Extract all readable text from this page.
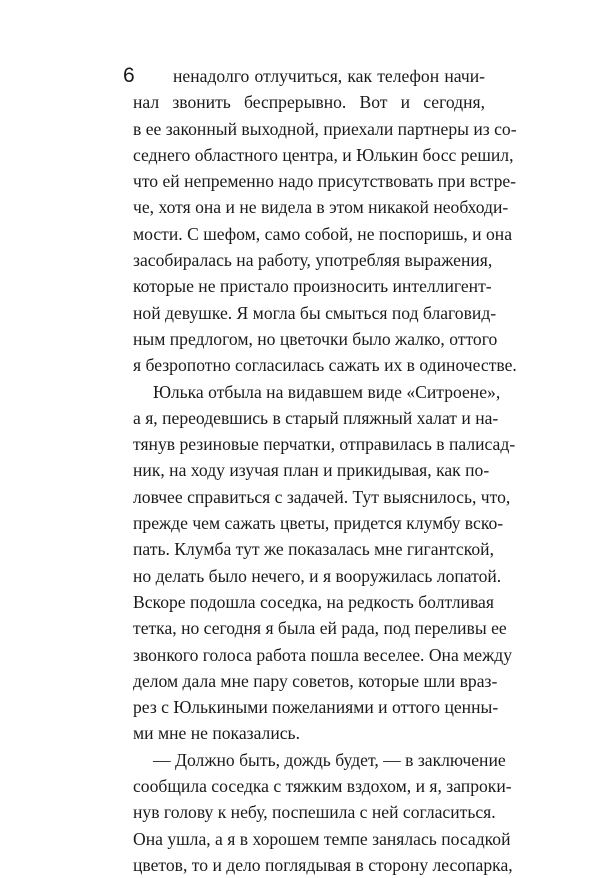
6	ненадолго отлучиться, как телефон начи-
нал звонить беспрерывно. Вот и сегодня,
в ее законный выходной, приехали партнеры из со-
седнего областного центра, и Юлькин босс решил,
что ей непременно надо присутствовать при встре-
че, хотя она и не видела в этом никакой необходи-
мости. С шефом, само собой, не поспоришь, и она
засобиралась на работу, употребляя выражения,
которые не пристало произносить интеллигент-
ной девушке. Я могла бы смыться под благовид-
ным предлогом, но цветочки было жалко, оттого
я безропотно согласилась сажать их в одиночестве.
Юлька отбыла на видавшем виде «Ситроене»,
а я, переодевшись в старый пляжный халат и на-
тянув резиновые перчатки, отправилась в палисад-
ник, на ходу изучая план и прикидывая, как по-
ловчее справиться с задачей. Тут выяснилось, что,
прежде чем сажать цветы, придется клумбу вско-
пать. Клумба тут же показалась мне гигантской,
но делать было нечего, и я вооружилась лопатой.
Вскоре подошла соседка, на редкость болтливая
тетка, но сегодня я была ей рада, под переливы ее
звонкого голоса работа пошла веселее. Она между
делом дала мне пару советов, которые шли враз-
рез с Юлькиными пожеланиями и оттого ценны-
ми мне не показались.
— Должно быть, дождь будет, — в заключение
сообщила соседка с тяжким вздохом, и я, запроки-
нув голову к небу, поспешила с ней согласиться.
Она ушла, а я в хорошем темпе занялась посадкой
цветов, то и дело поглядывая в сторону лесопарка,
